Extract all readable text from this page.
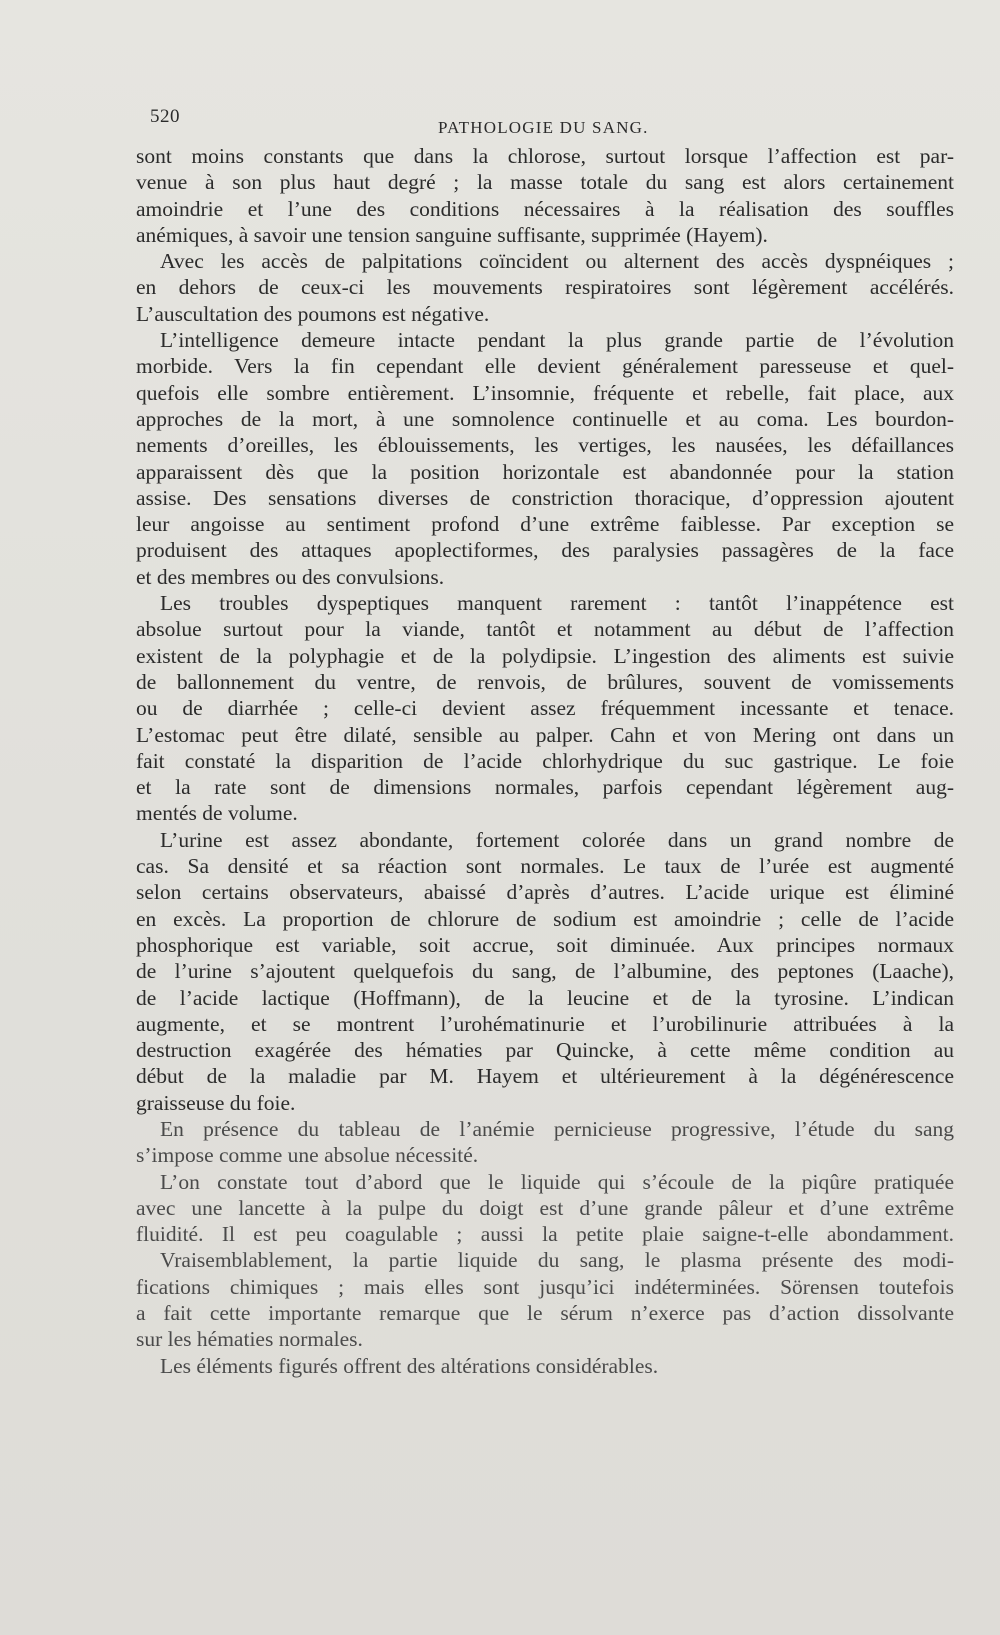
520
PATHOLOGIE DU SANG.
sont moins constants que dans la chlorose, surtout lorsque l’affection est par-
venue à son plus haut degré ; la masse totale du sang est alors certainement
amoindrie et l’une des conditions nécessaires à la réalisation des souffles
anémiques, à savoir une tension sanguine suffisante, supprimée (Hayem).
Avec les accès de palpitations coïncident ou alternent des accès dyspnéiques ;
en dehors de ceux-ci les mouvements respiratoires sont légèrement accélérés.
L’auscultation des poumons est négative.
L’intelligence demeure intacte pendant la plus grande partie de l’évolution
morbide. Vers la fin cependant elle devient généralement paresseuse et quel-
quefois elle sombre entièrement. L’insomnie, fréquente et rebelle, fait place, aux
approches de la mort, à une somnolence continuelle et au coma. Les bourdon-
nements d’oreilles, les éblouissements, les vertiges, les nausées, les défaillances
apparaissent dès que la position horizontale est abandonnée pour la station
assise. Des sensations diverses de constriction thoracique, d’oppression ajoutent
leur angoisse au sentiment profond d’une extrême faiblesse. Par exception se
produisent des attaques apoplectiformes, des paralysies passagères de la face
et des membres ou des convulsions.
Les troubles dyspeptiques manquent rarement : tantôt l’inappétence est
absolue surtout pour la viande, tantôt et notamment au début de l’affection
existent de la polyphagie et de la polydipsie. L’ingestion des aliments est suivie
de ballonnement du ventre, de renvois, de brûlures, souvent de vomissements
ou de diarrhée ; celle-ci devient assez fréquemment incessante et tenace.
L’estomac peut être dilaté, sensible au palper. Cahn et von Mering ont dans un
fait constaté la disparition de l’acide chlorhydrique du suc gastrique. Le foie
et la rate sont de dimensions normales, parfois cependant légèrement aug-
mentés de volume.
L’urine est assez abondante, fortement colorée dans un grand nombre de
cas. Sa densité et sa réaction sont normales. Le taux de l’urée est augmenté
selon certains observateurs, abaissé d’après d’autres. L’acide urique est éliminé
en excès. La proportion de chlorure de sodium est amoindrie ; celle de l’acide
phosphorique est variable, soit accrue, soit diminuée. Aux principes normaux
de l’urine s’ajoutent quelquefois du sang, de l’albumine, des peptones (Laache),
de l’acide lactique (Hoffmann), de la leucine et de la tyrosine. L’indican
augmente, et se montrent l’urohématinurie et l’urobilinurie attribuées à la
destruction exagérée des hématies par Quincke, à cette même condition au
début de la maladie par M. Hayem et ultérieurement à la dégénérescence
graisseuse du foie.
En présence du tableau de l’anémie pernicieuse progressive, l’étude du sang
s’impose comme une absolue nécessité.
L’on constate tout d’abord que le liquide qui s’écoule de la piqûre pratiquée
avec une lancette à la pulpe du doigt est d’une grande pâleur et d’une extrême
fluidité. Il est peu coagulable ; aussi la petite plaie saigne-t-elle abondamment.
Vraisemblablement, la partie liquide du sang, le plasma présente des modi-
fications chimiques ; mais elles sont jusqu’ici indéterminées. Sörensen toutefois
a fait cette importante remarque que le sérum n’exerce pas d’action dissolvante
sur les hématies normales.
Les éléments figurés offrent des altérations considérables.
